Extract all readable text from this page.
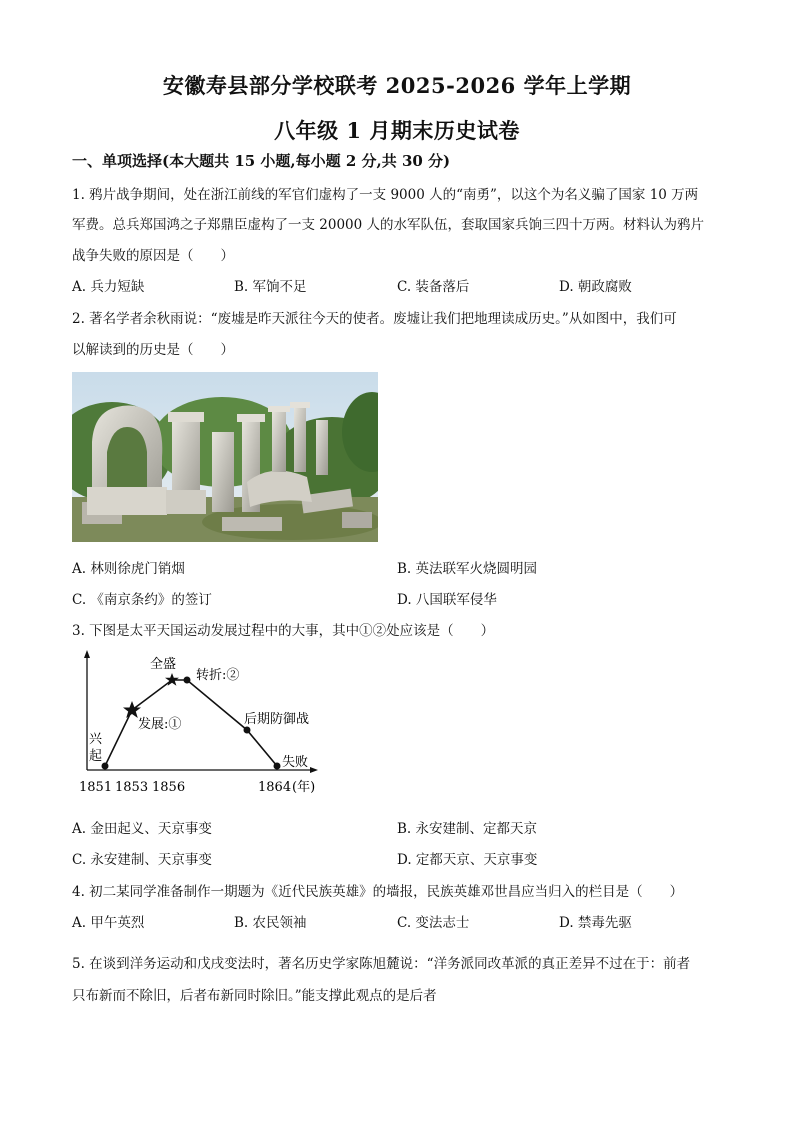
安徽寿县部分学校联考 2025-2026 学年上学期
八年级 1 月期末历史试卷
一、单项选择(本大题共 15 小题,每小题 2 分,共 30 分)
1. 鸦片战争期间，处在浙江前线的军官们虚构了一支 9000 人的“南勇”，以这个为名义骗了国家 10 万两
军费。总兵郑国鸿之子郑鼎臣虚构了一支 20000 人的水军队伍，套取国家兵饷三四十万两。材料认为鸦片
战争失败的原因是（　　）
A. 兵力短缺	B. 军饷不足	C. 装备落后	D. 朝政腐败
2. 著名学者余秋雨说：“废墟是昨天派往今天的使者。废墟让我们把地理读成历史。”从如图中，我们可
以解读到的历史是（　　）
A. 林则徐虎门销烟	B. 英法联军火烧圆明园
C. 《南京条约》的签订	D. 八国联军侵华
3. 下图是太平天国运动发展过程中的大事，其中①②处应该是（　　）
兴
起
发展:①
全盛
转折:②
后期防御战
失败
1851 1853 1856	1864 (年)
A. 金田起义、天京事变	B. 永安建制、定都天京
C. 永安建制、天京事变	D. 定都天京、天京事变
4. 初二某同学准备制作一期题为《近代民族英雄》的墙报，民族英雄邓世昌应当归入的栏目是（　　）
A. 甲午英烈	B. 农民领袖	C. 变法志士	D. 禁毒先驱
5. 在谈到洋务运动和戊戌变法时，著名历史学家陈旭麓说：“洋务派同改革派的真正差异不过在于：前者
只布新而不除旧，后者布新同时除旧。”能支撑此观点的是后者
